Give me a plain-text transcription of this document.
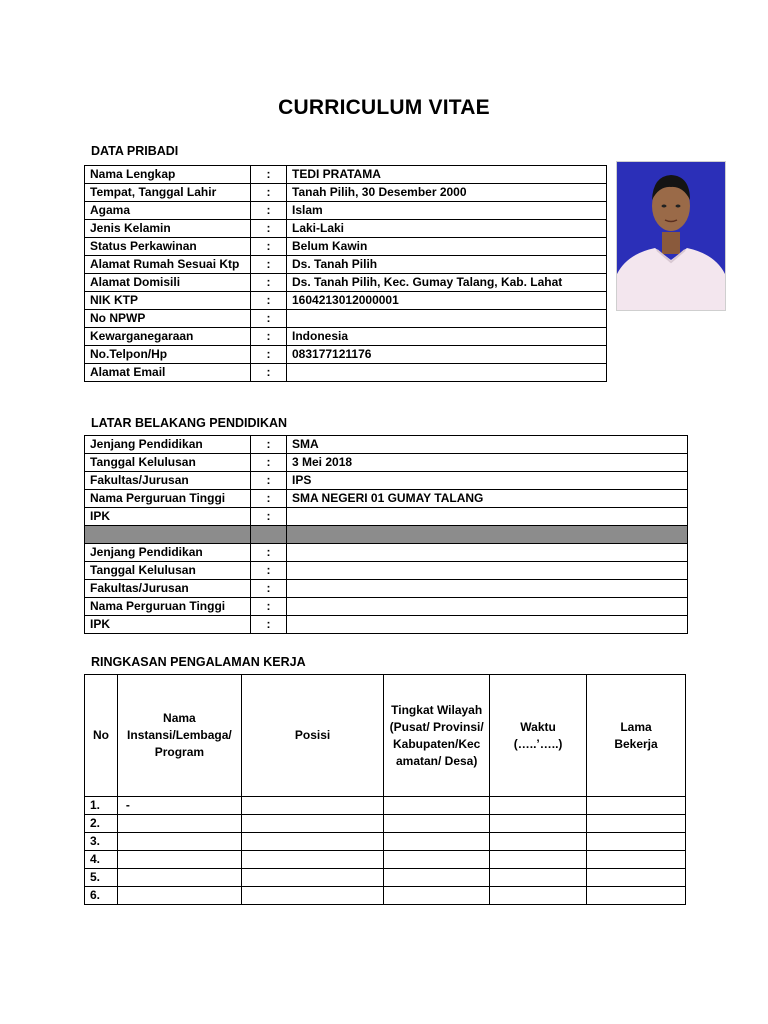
CURRICULUM VITAE
DATA PRIBADI
Nama Lengkap	:	TEDI PRATAMA
Tempat, Tanggal Lahir	:	Tanah Pilih, 30 Desember 2000
Agama	:	Islam
Jenis Kelamin	:	Laki-Laki
Status Perkawinan	:	Belum Kawin
Alamat Rumah Sesuai Ktp	:	Ds. Tanah Pilih
Alamat Domisili	:	Ds. Tanah Pilih, Kec. Gumay Talang, Kab. Lahat
NIK KTP	:	1604213012000001
No NPWP	:	
Kewarganegaraan	:	Indonesia
No.Telpon/Hp	:	083177121176
Alamat Email	:	
LATAR BELAKANG PENDIDIKAN
Jenjang Pendidikan	:	SMA
Tanggal Kelulusan	:	3 Mei 2018
Fakultas/Jurusan	:	IPS
Nama Perguruan Tinggi	:	SMA NEGERI 01 GUMAY TALANG
IPK	:	

Jenjang Pendidikan	:	
Tanggal Kelulusan	:	
Fakultas/Jurusan	:	
Nama Perguruan Tinggi	:	
IPK	:	
RINGKASAN PENGALAMAN KERJA
No	Nama Instansi/Lembaga/ Program	Posisi	Tingkat Wilayah (Pusat/ Provinsi/ Kabupaten/Kec amatan/ Desa)	Waktu (…..’…..)	Lama Bekerja
1.	-				
2.					
3.					
4.					
5.					
6.					
